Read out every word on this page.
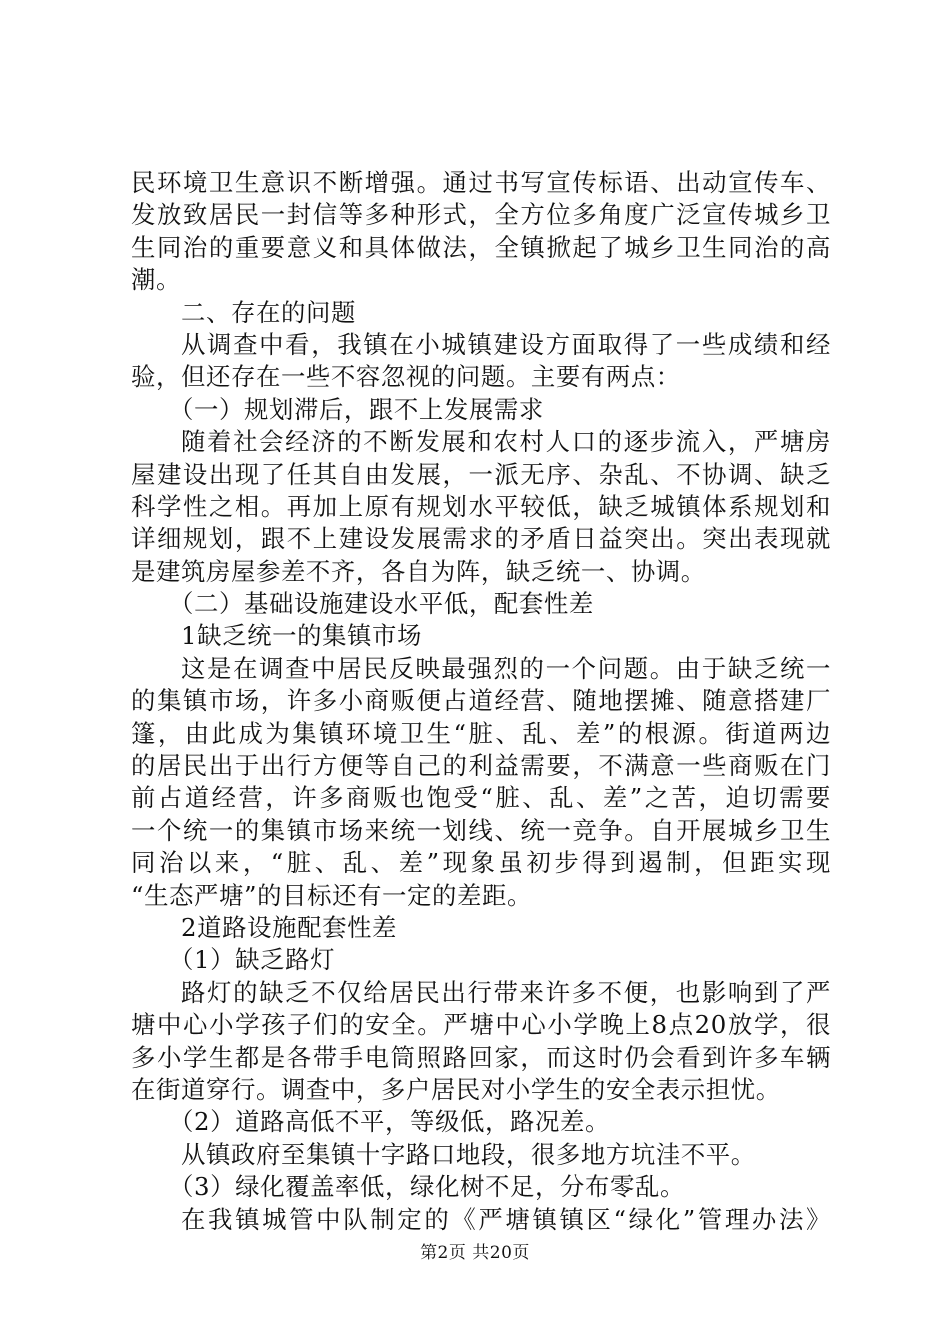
民环境卫生意识不断增强。通过书写宣传标语、出动宣传车、
发放致居民一封信等多种形式，全方位多角度广泛宣传城乡卫
生同治的重要意义和具体做法，全镇掀起了城乡卫生同治的高
潮。
二、存在的问题
从调查中看，我镇在小城镇建设方面取得了一些成绩和经
验，但还存在一些不容忽视的问题。主要有两点：
（一）规划滞后，跟不上发展需求
随着社会经济的不断发展和农村人口的逐步流入，严塘房
屋建设出现了任其自由发展，一派无序、杂乱、不协调、缺乏
科学性之相。再加上原有规划水平较低，缺乏城镇体系规划和
详细规划，跟不上建设发展需求的矛盾日益突出。突出表现就
是建筑房屋参差不齐，各自为阵，缺乏统一、协调。
（二）基础设施建设水平低，配套性差
1缺乏统一的集镇市场
这是在调查中居民反映最强烈的一个问题。由于缺乏统一
的集镇市场，许多小商贩便占道经营、随地摆摊、随意搭建厂
篷，由此成为集镇环境卫生“脏、乱、差”的根源。街道两边
的居民出于出行方便等自己的利益需要，不满意一些商贩在门
前占道经营，许多商贩也饱受“脏、乱、差”之苦，迫切需要
一个统一的集镇市场来统一划线、统一竞争。自开展城乡卫生
同治以来，“脏、乱、差”现象虽初步得到遏制，但距实现
“生态严塘”的目标还有一定的差距。
2道路设施配套性差
（1）缺乏路灯
路灯的缺乏不仅给居民出行带来许多不便，也影响到了严
塘中心小学孩子们的安全。严塘中心小学晚上8点20放学，很
多小学生都是各带手电筒照路回家，而这时仍会看到许多车辆
在街道穿行。调查中，多户居民对小学生的安全表示担忧。
（2）道路高低不平，等级低，路况差。
从镇政府至集镇十字路口地段，很多地方坑洼不平。
（3）绿化覆盖率低，绿化树不足，分布零乱。
在我镇城管中队制定的《严塘镇镇区“绿化”管理办法》
第2页 共20页
